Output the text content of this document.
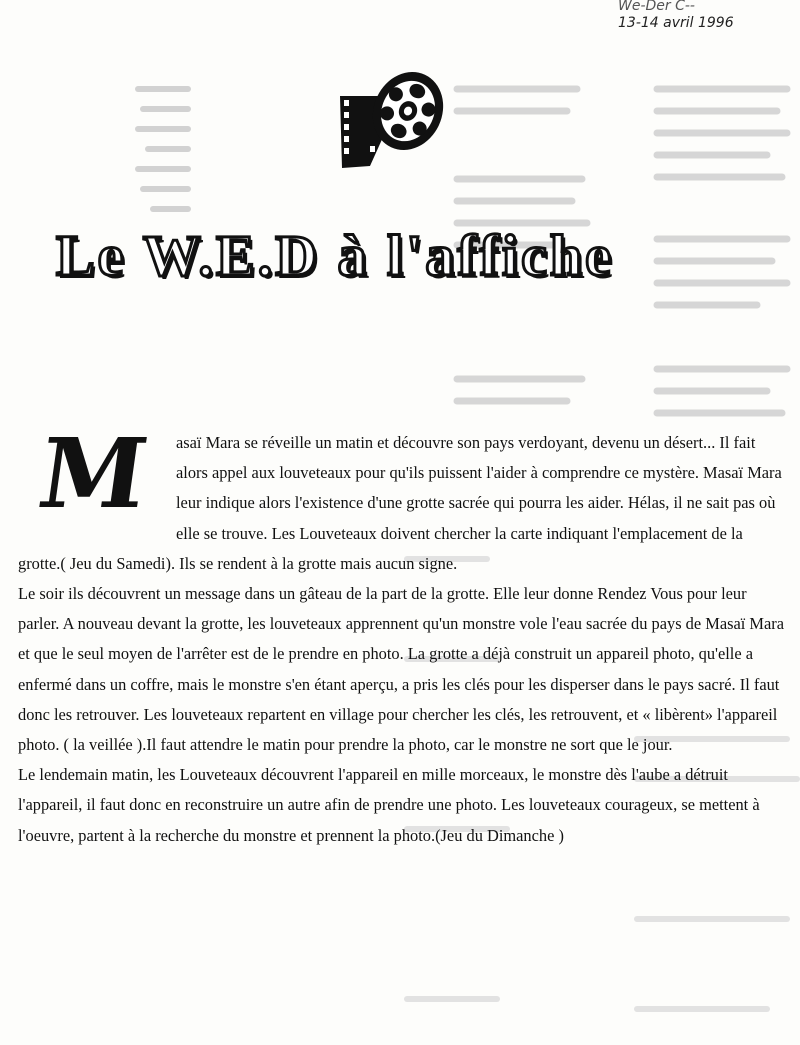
We-Der C--
13-14 avril 1996

Le W.E.D à l'affiche
M	asaï Mara se réveille un matin et découvre son pays verdoyant, devenu un désert... Il fait alors appel aux louveteaux pour qu'ils puissent l'aider à comprendre ce mystère. Masaï Mara leur indique alors l'existence d'une grotte sacrée qui pourra les aider. Hélas, il ne sait pas où elle se trouve. Les Louveteaux doivent chercher la carte indiquant l'emplacement de la grotte.( Jeu du Samedi). Ils se rendent à la grotte mais aucun signe.

Le soir ils découvrent un message dans un gâteau de la part de la grotte. Elle leur donne Rendez Vous pour leur parler. A nouveau devant la grotte, les louveteaux apprennent qu'un monstre vole l'eau sacrée du pays de Masaï Mara et que le seul moyen de l'arrêter est de le prendre en photo. La grotte a déjà construit un appareil photo, qu'elle a enfermé dans un coffre, mais le monstre s'en étant aperçu, a pris les clés pour les disperser dans le pays sacré. Il faut donc les retrouver. Les louveteaux repartent en village pour chercher les clés, les retrouvent, et « libèrent» l'appareil photo. ( la veillée ).Il faut attendre le matin pour prendre la photo, car le monstre ne sort que le jour.

Le lendemain matin, les Louveteaux découvrent l'appareil en mille morceaux, le monstre dès l'aube a détruit l'appareil, il faut donc en reconstruire un autre afin de prendre une photo. Les louveteaux courageux, se mettent à l'oeuvre, partent à la recherche du monstre et prennent la photo.(Jeu du Dimanche )
